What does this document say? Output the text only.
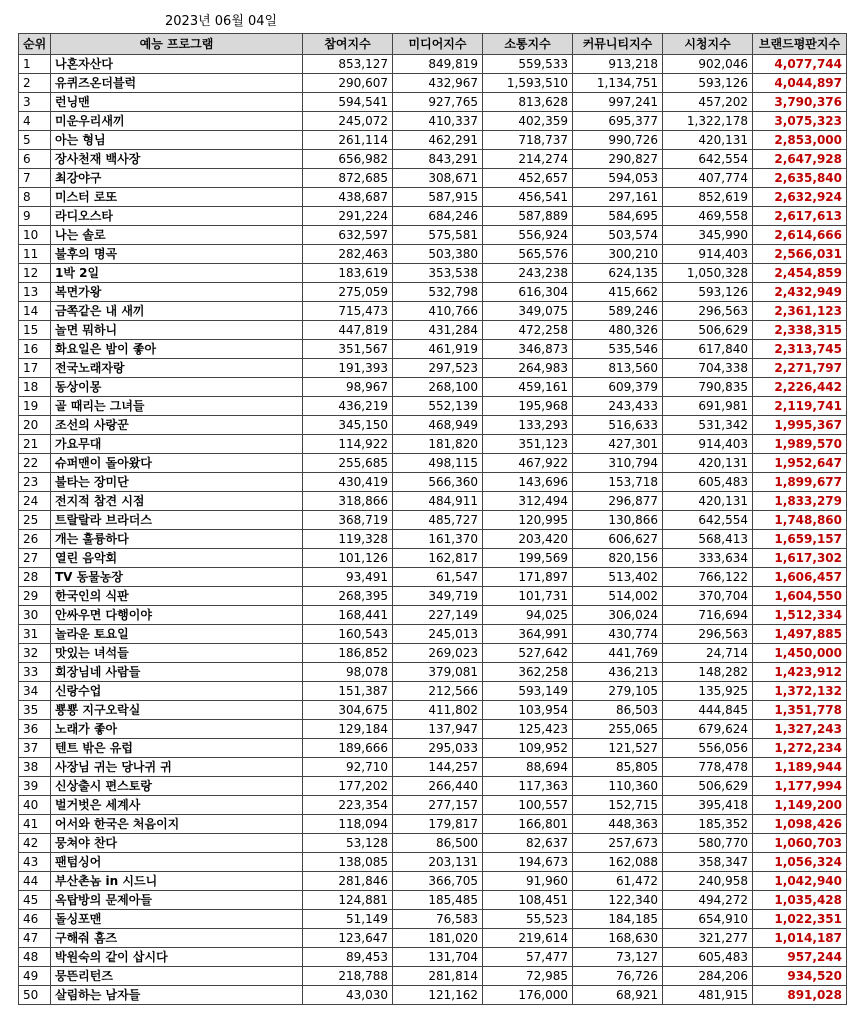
2023년 06월 04일
순위	예능 프로그램	참여지수	미디어지수	소통지수	커뮤니티지수	시청지수	브랜드평판지수
1	나혼자산다	853,127	849,819	559,533	913,218	902,046	4,077,744
2	유퀴즈온더블럭	290,607	432,967	1,593,510	1,134,751	593,126	4,044,897
3	런닝맨	594,541	927,765	813,628	997,241	457,202	3,790,376
4	미운우리새끼	245,072	410,337	402,359	695,377	1,322,178	3,075,323
5	아는 형님	261,114	462,291	718,737	990,726	420,131	2,853,000
6	장사천재 백사장	656,982	843,291	214,274	290,827	642,554	2,647,928
7	최강야구	872,685	308,671	452,657	594,053	407,774	2,635,840
8	미스터 로또	438,687	587,915	456,541	297,161	852,619	2,632,924
9	라디오스타	291,224	684,246	587,889	584,695	469,558	2,617,613
10	나는 솔로	632,597	575,581	556,924	503,574	345,990	2,614,666
11	불후의 명곡	282,463	503,380	565,576	300,210	914,403	2,566,031
12	1박 2일	183,619	353,538	243,238	624,135	1,050,328	2,454,859
13	복면가왕	275,059	532,798	616,304	415,662	593,126	2,432,949
14	금쪽같은 내 새끼	715,473	410,766	349,075	589,246	296,563	2,361,123
15	놀면 뭐하니	447,819	431,284	472,258	480,326	506,629	2,338,315
16	화요일은 밤이 좋아	351,567	461,919	346,873	535,546	617,840	2,313,745
17	전국노래자랑	191,393	297,523	264,983	813,560	704,338	2,271,797
18	동상이몽	98,967	268,100	459,161	609,379	790,835	2,226,442
19	골 때리는 그녀들	436,219	552,139	195,968	243,433	691,981	2,119,741
20	조선의 사랑꾼	345,150	468,949	133,293	516,633	531,342	1,995,367
21	가요무대	114,922	181,820	351,123	427,301	914,403	1,989,570
22	슈퍼맨이 돌아왔다	255,685	498,115	467,922	310,794	420,131	1,952,647
23	불타는 장미단	430,419	566,360	143,696	153,718	605,483	1,899,677
24	전지적 참견 시점	318,866	484,911	312,494	296,877	420,131	1,833,279
25	트랄랄라 브라더스	368,719	485,727	120,995	130,866	642,554	1,748,860
26	개는 훌륭하다	119,328	161,370	203,420	606,627	568,413	1,659,157
27	열린 음악회	101,126	162,817	199,569	820,156	333,634	1,617,302
28	TV 동물농장	93,491	61,547	171,897	513,402	766,122	1,606,457
29	한국인의 식판	268,395	349,719	101,731	514,002	370,704	1,604,550
30	안싸우면 다행이야	168,441	227,149	94,025	306,024	716,694	1,512,334
31	놀라운 토요일	160,543	245,013	364,991	430,774	296,563	1,497,885
32	맛있는 녀석들	186,852	269,023	527,642	441,769	24,714	1,450,000
33	회장님네 사람들	98,078	379,081	362,258	436,213	148,282	1,423,912
34	신랑수업	151,387	212,566	593,149	279,105	135,925	1,372,132
35	뿅뿅 지구오락실	304,675	411,802	103,954	86,503	444,845	1,351,778
36	노래가 좋아	129,184	137,947	125,423	255,065	679,624	1,327,243
37	텐트 밖은 유럽	189,666	295,033	109,952	121,527	556,056	1,272,234
38	사장님 귀는 당나귀 귀	92,710	144,257	88,694	85,805	778,478	1,189,944
39	신상출시 편스토랑	177,202	266,440	117,363	110,360	506,629	1,177,994
40	벌거벗은 세계사	223,354	277,157	100,557	152,715	395,418	1,149,200
41	어서와 한국은 처음이지	118,094	179,817	166,801	448,363	185,352	1,098,426
42	뭉쳐야 찬다	53,128	86,500	82,637	257,673	580,770	1,060,703
43	팬텀싱어	138,085	203,131	194,673	162,088	358,347	1,056,324
44	부산촌놈 in 시드니	281,846	366,705	91,960	61,472	240,958	1,042,940
45	옥탑방의 문제아들	124,881	185,485	108,451	122,340	494,272	1,035,428
46	돌싱포맨	51,149	76,583	55,523	184,185	654,910	1,022,351
47	구해줘 홈즈	123,647	181,020	219,614	168,630	321,277	1,014,187
48	박원숙의 같이 삽시다	89,453	131,704	57,477	73,127	605,483	957,244
49	뭉뜬리턴즈	218,788	281,814	72,985	76,726	284,206	934,520
50	살림하는 남자들	43,030	121,162	176,000	68,921	481,915	891,028
